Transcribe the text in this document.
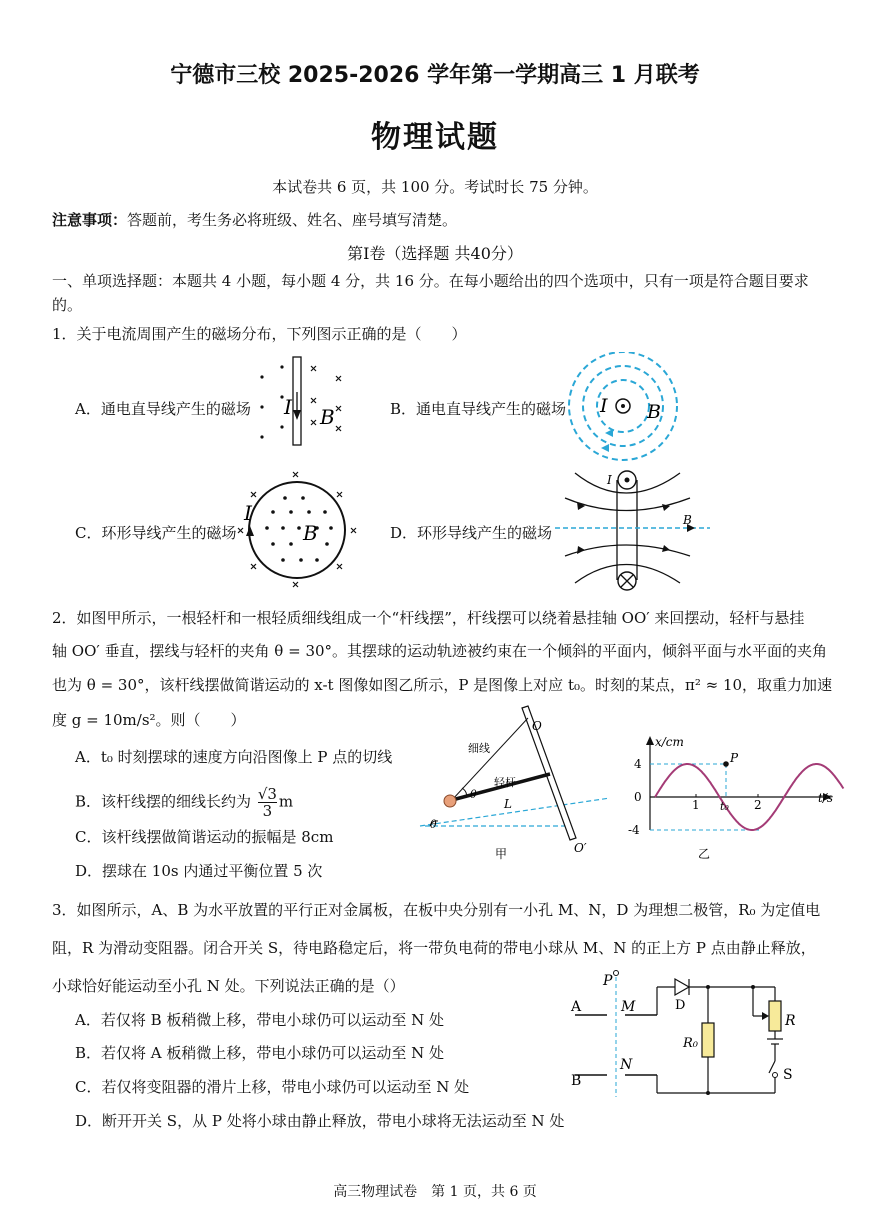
宁德市三校 2025-2026 学年第一学期高三 1 月联考
物理试题
本试卷共 6 页，共 100 分。考试时长 75 分钟。
注意事项：答题前，考生务必将班级、姓名、座号填写清楚。
第Ⅰ卷（选择题 共40分）
一、单项选择题：本题共 4 小题，每小题 4 分，共 16 分。在每小题给出的四个选项中，只有一项是符合题目要求
的。
1．关于电流周围产生的磁场分布，下列图示正确的是（　　）
A．通电直导线产生的磁场	B．通电直导线产生的磁场
C．环形导线产生的磁场	D．环形导线产生的磁场
I B	I B
I
B
I
B
2．如图甲所示，一根轻杆和一根轻质细线组成一个“杆线摆”，杆线摆可以绕着悬挂轴 OO′ 来回摆动，轻杆与悬挂
轴 OO′ 垂直，摆线与轻杆的夹角 θ = 30°。其摆球的运动轨迹被约束在一个倾斜的平面内，倾斜平面与水平面的夹角
也为 θ = 30°，该杆线摆做简谐运动的 x-t 图像如图乙所示，P 是图像上对应 t₀。时刻的某点，π² ≈ 10，取重力加速
度 g = 10m/s²。则（　　）
A．t₀ 时刻摆球的速度方向沿图像上 P 点的切线
B．该杆线摆的细线长约为 $\frac{√3}{3}$ m
C．该杆线摆做简谐运动的振幅是 8cm
D．摆球在 10s 内通过平衡位置 5 次
O
O′
细线
轻杆
L
θ
θ
甲
x/cm
t/s
4
0
-4
1	2
t₀
P
乙
3．如图所示，A、B 为水平放置的平行正对金属板，在板中央分别有一小孔 M、N，D 为理想二极管，R₀ 为定值电
阻，R 为滑动变阻器。闭合开关 S，待电路稳定后，将一带负电荷的带电小球从 M、N 的正上方 P 点由静止释放，
小球恰好能运动至小孔 N 处。下列说法正确的是（）
A．若仅将 B 板稍微上移，带电小球仍可以运动至 N 处
B．若仅将 A 板稍微上移，带电小球仍可以运动至 N 处
C．若仅将变阻器的滑片上移，带电小球仍可以运动至 N 处
D．断开开关 S，从 P 处将小球由静止释放，带电小球将无法运动至 N 处
P
A
B
M
N
D
R₀
R
S
高三物理试卷　第 1 页，共 6 页
